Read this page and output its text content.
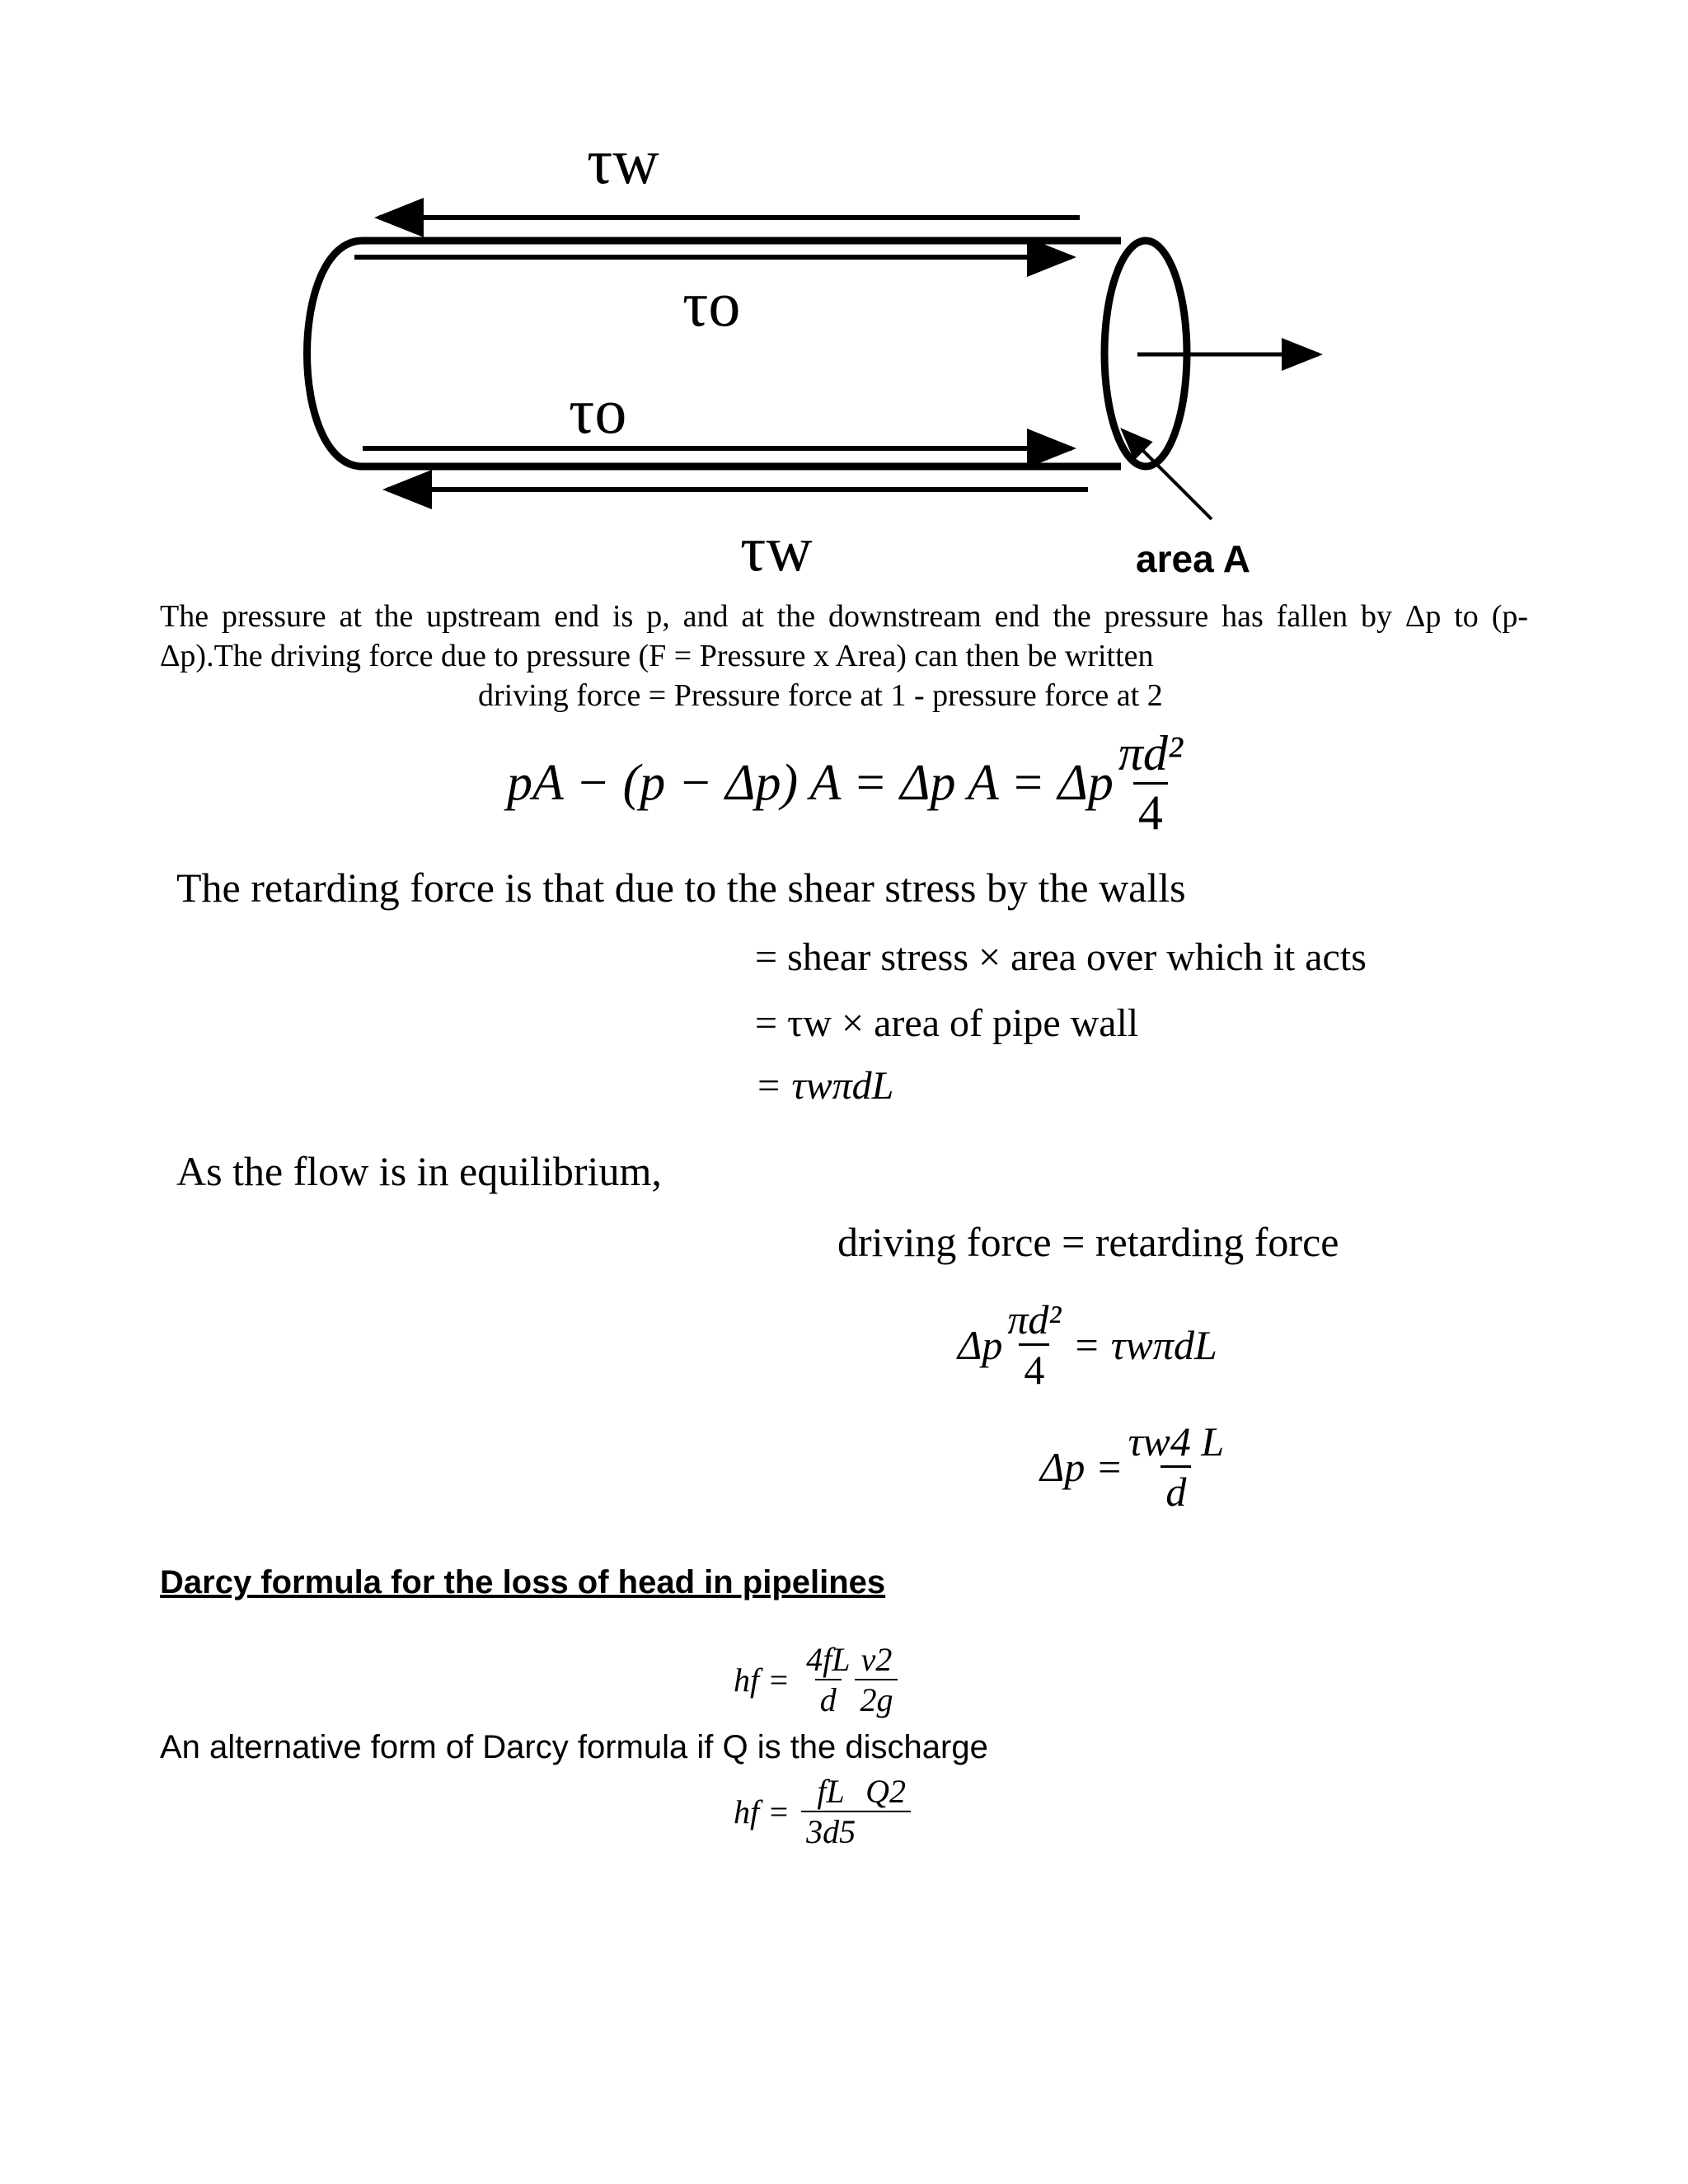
τw
τo
τo
τw	area A
The pressure at the upstream end is p, and at the downstream end the pressure has fallen by Δp to (p-
Δp).The driving force due to pressure (F = Pressure x Area) can then be written
driving force = Pressure force at 1 - pressure force at 2
pA − (p − Δp) A = Δp A = Δp $\frac{\text{πd²}}{4}$
The retarding force is that due to the shear stress by the walls
= shear stress × area over which it acts
= τw × area of pipe wall
= τwπdL
As the flow is in equilibrium,
driving force = retarding force
Δp $\frac{\text{πd²}}{4} = \tau w\pi dL$
$\Delta p = \frac{\tau w4 L}{d}$
Darcy formula for the loss of head in pipelines
hf = $\frac{4fL}{d} \frac{v2}{2g}$
An alternative form of Darcy formula if Q is the discharge
hf = $\frac{fL}{3d5} Q2$
